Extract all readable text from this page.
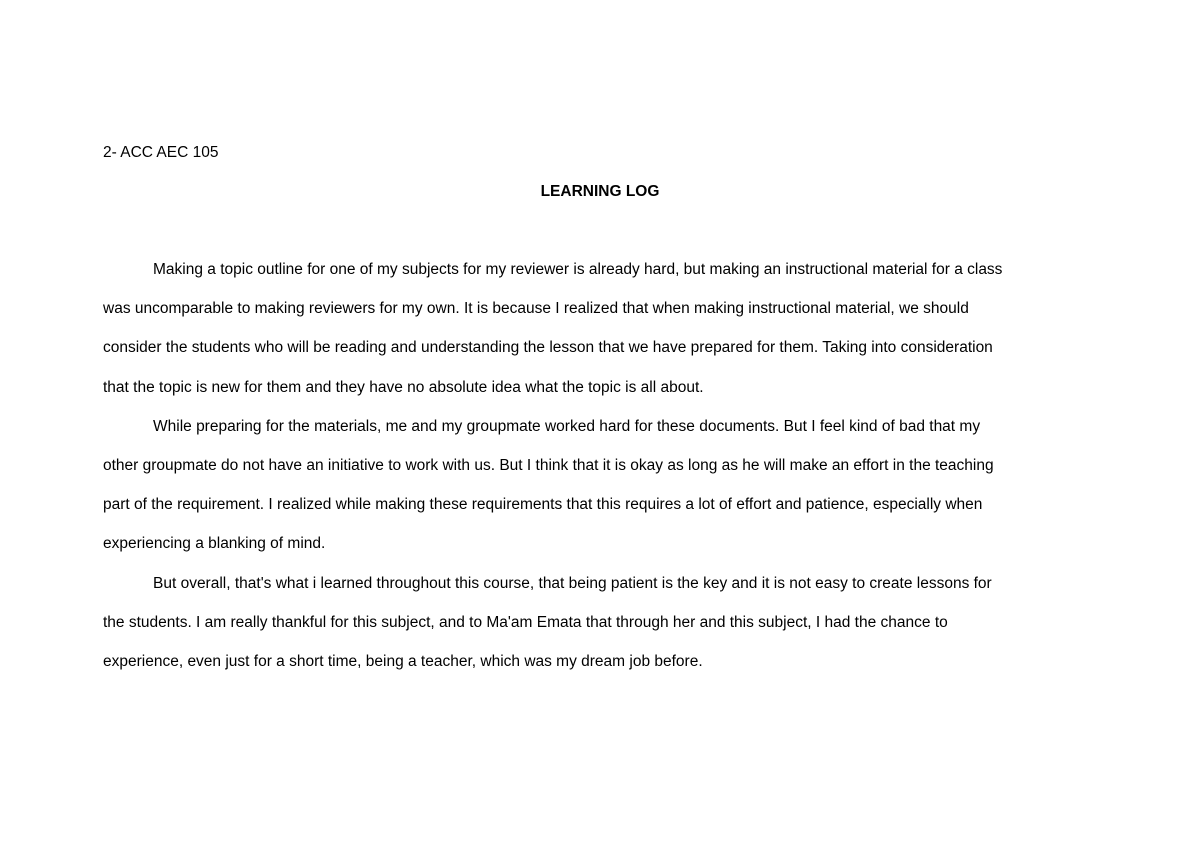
2- ACC AEC 105
LEARNING LOG
Making a topic outline for one of my subjects for my reviewer is already hard, but making an instructional material for a class
was uncomparable to making reviewers for my own. It is because I realized that when making instructional material, we should
consider the students who will be reading and understanding the lesson that we have prepared for them. Taking into consideration
that the topic is new for them and they have no absolute idea what the topic is all about.
While preparing for the materials, me and my groupmate worked hard for these documents. But I feel kind of bad that my
other groupmate do not have an initiative to work with us. But I think that it is okay as long as he will make an effort in the teaching
part of the requirement. I realized while making these requirements that this requires a lot of effort and patience, especially when
experiencing a blanking of mind.
But overall, that's what i learned throughout this course, that being patient is the key and it is not easy to create lessons for
the students. I am really thankful for this subject, and to Ma'am Emata that through her and this subject, I had the chance to
experience, even just for a short time, being a teacher, which was my dream job before.
